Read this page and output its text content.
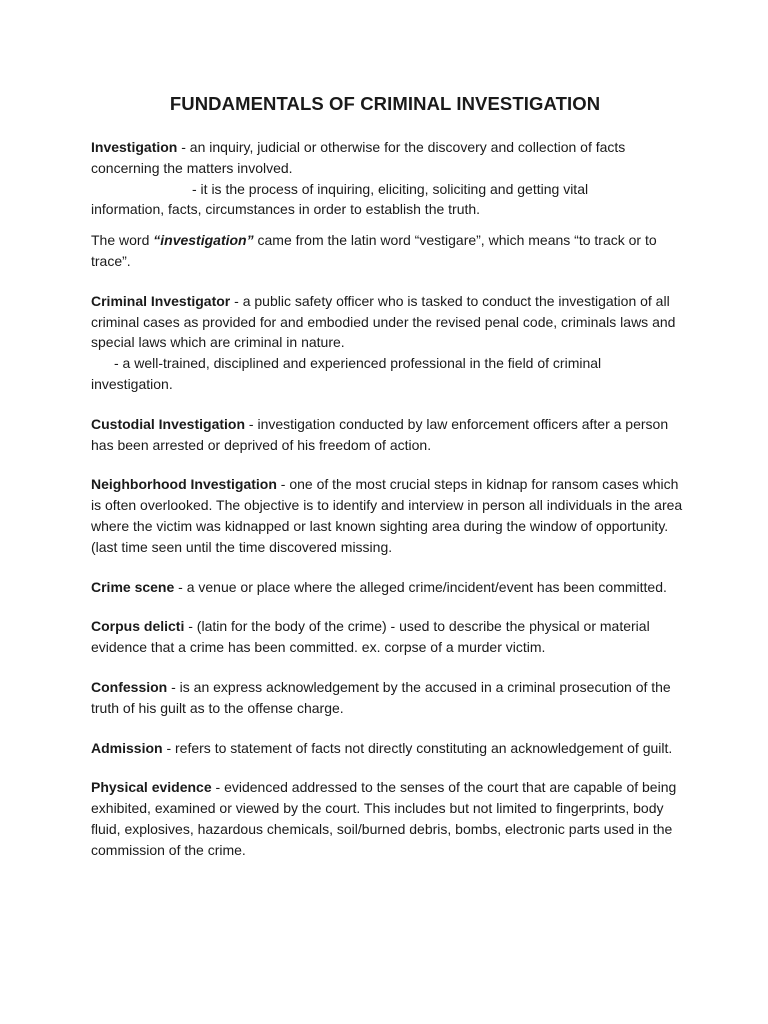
FUNDAMENTALS OF CRIMINAL INVESTIGATION

Investigation - an inquiry, judicial or otherwise for the discovery and collection of facts concerning the matters involved.

- it is the process of inquiring, eliciting, soliciting and getting vital

information, facts, circumstances in order to establish the truth.

The word “investigation” came from the latin word “vestigare”, which means “to track or to trace”.

Criminal Investigator - a public safety officer who is tasked to conduct the investigation of all criminal cases as provided for and embodied under the revised penal code, criminals laws and special laws which are criminal in nature.

- a well-trained, disciplined and experienced professional in the field of criminal

investigation.

Custodial Investigation - investigation conducted by law enforcement officers after a person has been arrested or deprived of his freedom of action.

Neighborhood Investigation - one of the most crucial steps in kidnap for ransom cases which is often overlooked. The objective is to identify and interview in person all individuals in the area where the victim was kidnapped or last known sighting area during the window of opportunity.(last time seen until the time discovered missing.

Crime scene - a venue or place where the alleged crime/incident/event has been committed.

Corpus delicti - (latin for the body of the crime) - used to describe the physical or material evidence that a crime has been committed. ex. corpse of a murder victim.

Confession - is an express acknowledgement by the accused in a criminal prosecution of the truth of his guilt as to the offense charge.

Admission - refers to statement of facts not directly constituting an acknowledgement of guilt.

Physical evidence - evidenced addressed to the senses of the court that are capable of being exhibited, examined or viewed by the court. This includes but not limited to fingerprints, body fluid, explosives, hazardous chemicals, soil/burned debris, bombs, electronic parts used in the commission of the crime.
